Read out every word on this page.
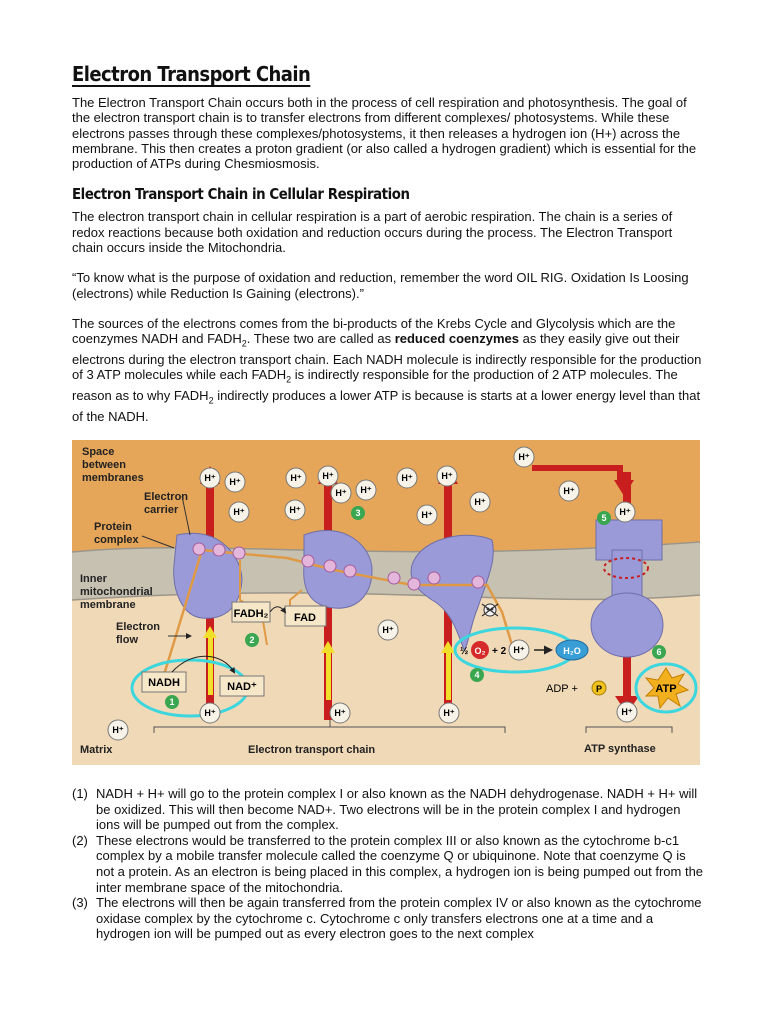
Electron Transport Chain

The Electron Transport Chain occurs both in the process of cell respiration and photosynthesis. The goal of the electron transport chain is to transfer electrons from different complexes/ photosystems. While these electrons passes through these complexes/photosystems, it then releases a hydrogen ion (H+) across the membrane. This then creates a proton gradient (or also called a hydrogen gradient) which is essential for the production of ATPs during Chesmiosmosis.

Electron Transport Chain in Cellular Respiration

The electron transport chain in cellular respiration is a part of aerobic respiration. The chain is a series of redox reactions because both oxidation and reduction occurs during the process. The Electron Transport chain occurs inside the Mitochondria.

“To know what is the purpose of oxidation and reduction, remember the word OIL RIG. Oxidation Is Loosing (electrons) while Reduction Is Gaining (electrons).”

The sources of the electrons comes from the bi-products of the Krebs Cycle and Glycolysis which are the coenzymes NADH and $FADH_2$. These two are called as reduced coenzymes as they easily give out their electrons during the electron transport chain. Each NADH molecule is indirectly responsible for the production of 3 ATP molecules while each $FADH_2$ is indirectly responsible for the production of 2 ATP molecules. The reason as to why $FADH_2$ indirectly produces a lower ATP is because is starts at a lower energy level than that of the NADH.

FADH₂ FAD
NADH	NAD⁺
½ O₂ + 2	H₂O
ATP
ADP + P
H⁺ H⁺	H⁺
H⁺	H⁺
H⁺
H⁺
H⁺
H⁺	H⁺
H⁺
H⁺
H⁺
H⁺
H⁺
H⁺
H⁺
H⁺
H⁺	H⁺	H⁺	H⁺
1
2
3
4
5
6
Space
between
membranes
Electron
carrier
Protein
complex
Inner
mitochondrial
membrane
Electron
flow
Matrix	Electron transport chain	ATP synthase
(1) NADH + H+ will go to the protein complex I or also known as the NADH dehydrogenase. NADH + H+ will be oxidized. This will then become NAD+. Two electrons will be in the protein complex I and hydrogen ions will be pumped out from the complex.
(2) These electrons would be transferred to the protein complex III or also known as the cytochrome b-c1 complex by a mobile transfer molecule called the coenzyme Q or ubiquinone. Note that coenzyme Q is not a protein. As an electron is being placed in this complex, a hydrogen ion is being pumped out from the inter membrane space of the mitochondria.
(3) The electrons will then be again transferred from the protein complex IV or also known as the cytochrome oxidase complex by the cytochrome c. Cytochrome c only transfers electrons one at a time and a hydrogen ion will be pumped out as every electron goes to the next complex
